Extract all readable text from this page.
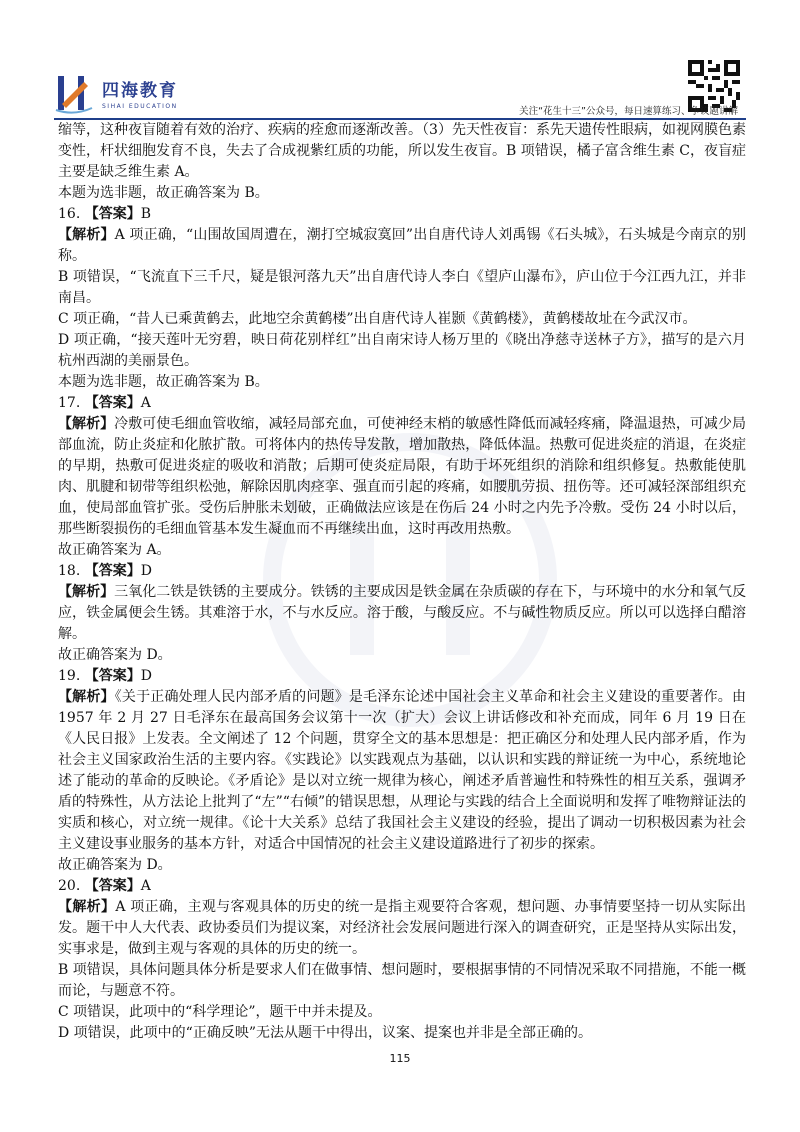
四海教育
SIHAI EDUCATION	关注“花生十三”公众号，每日速算练习、争议题讲解

缩等，这种夜盲随着有效的治疗、疾病的痊愈而逐渐改善。（3）先天性夜盲：系先天遗传性眼病，如视网膜色素变性，杆状细胞发育不良，失去了合成视紫红质的功能，所以发生夜盲。B 项错误，橘子富含维生素 C，夜盲症主要是缺乏维生素 A。

本题为选非题，故正确答案为 B。

16. 【答案】B

【解析】A 项正确，“山围故国周遭在，潮打空城寂寞回”出自唐代诗人刘禹锡《石头城》，石头城是今南京的别称。

B 项错误，“飞流直下三千尺，疑是银河落九天”出自唐代诗人李白《望庐山瀑布》，庐山位于今江西九江，并非南昌。

C 项正确，“昔人已乘黄鹤去，此地空余黄鹤楼”出自唐代诗人崔颢《黄鹤楼》，黄鹤楼故址在今武汉市。

D 项正确，“接天莲叶无穷碧，映日荷花别样红”出自南宋诗人杨万里的《晓出净慈寺送林子方》，描写的是六月杭州西湖的美丽景色。

本题为选非题，故正确答案为 B。

17. 【答案】A

【解析】冷敷可使毛细血管收缩，减轻局部充血，可使神经末梢的敏感性降低而减轻疼痛，降温退热，可减少局部血流，防止炎症和化脓扩散。可将体内的热传导发散，增加散热，降低体温。热敷可促进炎症的消退，在炎症的早期，热敷可促进炎症的吸收和消散；后期可使炎症局限，有助于坏死组织的消除和组织修复。热敷能使肌肉、肌腱和韧带等组织松弛，解除因肌肉痉挛、强直而引起的疼痛，如腰肌劳损、扭伤等。还可减轻深部组织充血，使局部血管扩张。受伤后肿胀未划破，正确做法应该是在伤后 24 小时之内先予冷敷。受伤 24 小时以后，那些断裂损伤的毛细血管基本发生凝血而不再继续出血，这时再改用热敷。

故正确答案为 A。

18. 【答案】D

【解析】三氧化二铁是铁锈的主要成分。铁锈的主要成因是铁金属在杂质碳的存在下，与环境中的水分和氧气反应，铁金属便会生锈。其难溶于水，不与水反应。溶于酸，与酸反应。不与碱性物质反应。所以可以选择白醋溶解。

故正确答案为 D。

19. 【答案】D

【解析】《关于正确处理人民内部矛盾的问题》是毛泽东论述中国社会主义革命和社会主义建设的重要著作。由 1957 年 2 月 27 日毛泽东在最高国务会议第十一次（扩大）会议上讲话修改和补充而成，同年 6 月 19 日在《人民日报》上发表。全文阐述了 12 个问题，贯穿全文的基本思想是：把正确区分和处理人民内部矛盾，作为社会主义国家政治生活的主要内容。《实践论》以实践观点为基础，以认识和实践的辩证统一为中心，系统地论述了能动的革命的反映论。《矛盾论》是以对立统一规律为核心，阐述矛盾普遍性和特殊性的相互关系，强调矛盾的特殊性，从方法论上批判了“左”“右倾”的错误思想，从理论与实践的结合上全面说明和发挥了唯物辩证法的实质和核心，对立统一规律。《论十大关系》总结了我国社会主义建设的经验，提出了调动一切积极因素为社会主义建设事业服务的基本方针，对适合中国情况的社会主义建设道路进行了初步的探索。

故正确答案为 D。

20. 【答案】A

【解析】A 项正确，主观与客观具体的历史的统一是指主观要符合客观，想问题、办事情要坚持一切从实际出发。题干中人大代表、政协委员们为提议案，对经济社会发展问题进行深入的调查研究，正是坚持从实际出发，实事求是，做到主观与客观的具体的历史的统一。

B 项错误，具体问题具体分析是要求人们在做事情、想问题时，要根据事情的不同情况采取不同措施，不能一概而论，与题意不符。

C 项错误，此项中的“科学理论”，题干中并未提及。

D 项错误，此项中的“正确反映”无法从题干中得出，议案、提案也并非是全部正确的。

115
